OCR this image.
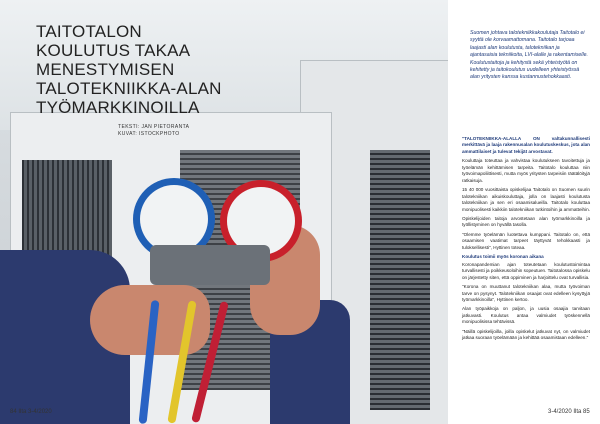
TAITOTALON KOULUTUS TAKAA MENESTYMISEN TALOTEKNIIKKA-ALAN TYÖMARKKINOILLA
TEKSTI: JAN PIETORANTA
KUVAT: ISTOCKPHOTO
84 Ilta 3-4/2020
Suomen johtava talotekniikkakoulutaja Taitotalo ei syyttä ole korvaamattomana. Taitotalo tarjoaa laajasti alan koulutusta, talotekniikan ja ajantasaisia tekniikoita, LVI-alalle ja rakentamiselle. Koulutustaitoja ja kehitystä sekä yhteistyötä on kehitetty ja taitokoulutus uudelleen yhteistyössä alan yritysten kanssa kustannustehokkaasti.

"TALOTEKNIIKKA-ALALLA ON valtakunnallisesti merkittävä ja laaja rakennusalan koulutuskeskus, jota alan ammattilaiset ja tulevat tekijät arvostavat.

Kouluttaja toteuttaa ja vahvistaa koulutukseen tavoitettuja ja työelämän kehittämisen tarpeita. Taitotalo kouluttaa niin työvoimapoliittisesti, mutta myös yritysten tarpeisiin räätälöityjä ratkaisuja.

15 40 000 vuosittaista opiskelijaa Taitotalo on Suomen suurin talotekniikan aikuiskouluttaja, jolla on laajasti koulutusta talotekniikan ja sen eri osaamisalueilla. Taitotalo kouluttaa monipuolisesti kaikkiin talotekniikan tutkintoihin ja ammatteihin.

Opiskelijoiden taitoja arvostetaan alan työmarkkinoilla ja työllistyminen on hyvällä tasolla.

"Olemme työelämän luotettava kumppani. Taitotalo on, että osaamisen vaatimat tarpeet täyttyvät tehokkaasti ja tuloksellisesti", Hyttinen toteaa.

Koulutus toimii myös koronan aikana

Koronapandemian ajan toteutetaan koulutustoimintaa turvallisesti ja poikkeusoloihin sopeutuen. Taitotalossa opiskelu on järjestetty siten, että oppiminen ja harjoittelu ovat turvallisia.

"Korona on muuttanut talotekniikan alaa, mutta työvoiman tarve on pysynyt. Talotekniikan osaajat ovat edelleen kysyttyjä työmarkkinoilla", Hyttinen kertoo.

Alan työpaikkoja on paljon, ja uusia osaajia tarvitaan jatkuvasti. Koulutus antaa valmiudet työskennellä monipuolisissa tehtävissä.

"Näillä opiskelijoilla, joilla opiskelut jatkuvat nyt, on valmiudet jatkaa suoraan työelämään ja kehittää osaamistaan edelleen."

3-4/2020 Ilta 85
